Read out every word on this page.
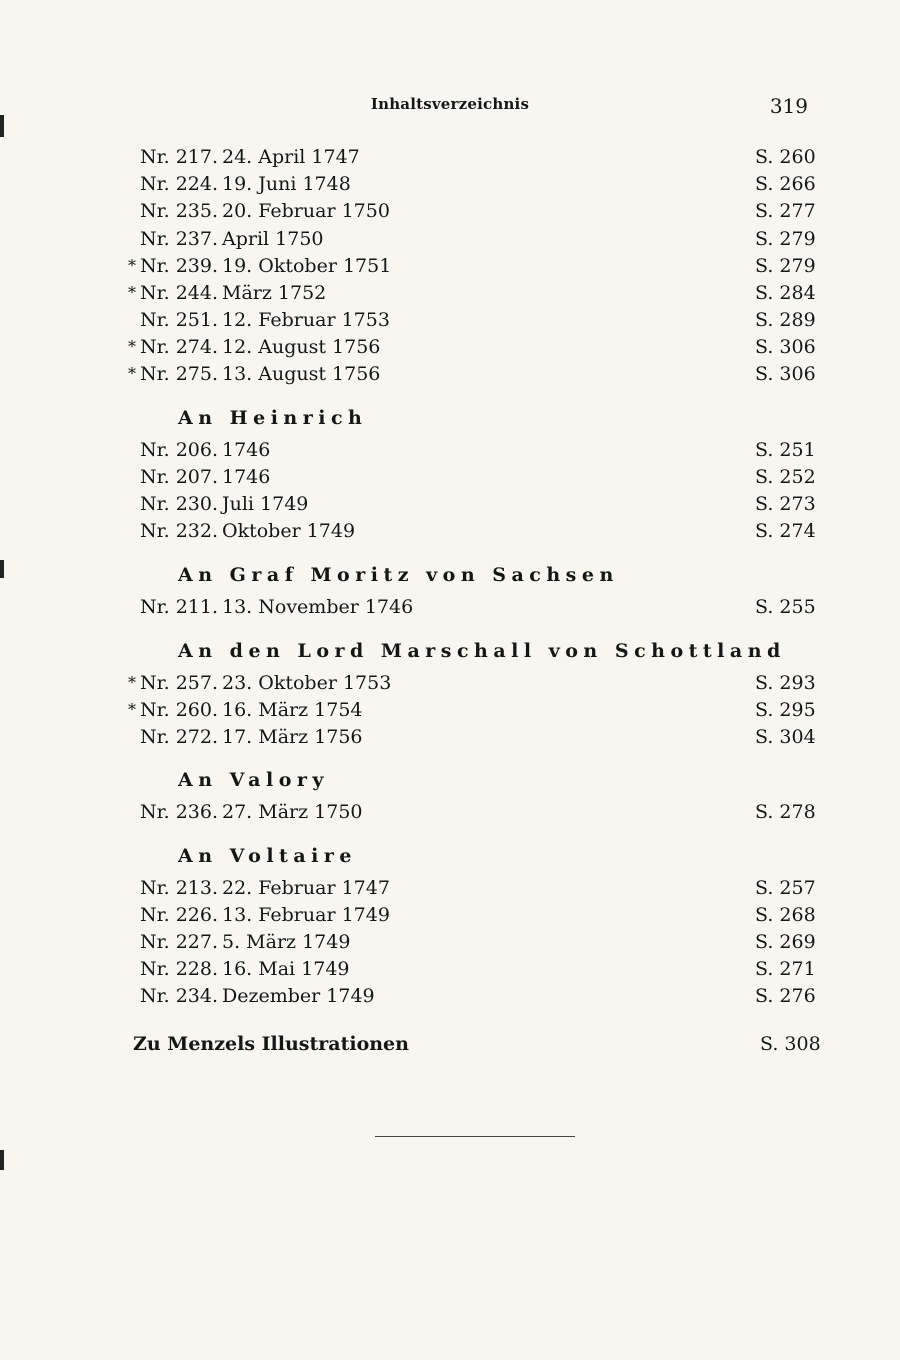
Inhaltsverzeichnis	319
Nr. 217. 24. April 1747	S. 260
Nr. 224. 19. Juni 1748	S. 266
Nr. 235. 20. Februar 1750	S. 277
Nr. 237. April 1750	S. 279
* Nr. 239. 19. Oktober 1751	S. 279
* Nr. 244. März 1752	S. 284
Nr. 251. 12. Februar 1753	S. 289
* Nr. 274. 12. August 1756	S. 306
* Nr. 275. 13. August 1756	S. 306
An Heinrich
Nr. 206. 1746	S. 251
Nr. 207. 1746	S. 252
Nr. 230. Juli 1749	S. 273
Nr. 232. Oktober 1749	S. 274
An Graf Moritz von Sachsen
Nr. 211. 13. November 1746	S. 255
An den Lord Marschall von Schottland
* Nr. 257. 23. Oktober 1753	S. 293
* Nr. 260. 16. März 1754	S. 295
Nr. 272. 17. März 1756	S. 304
An Valory
Nr. 236. 27. März 1750	S. 278
An Voltaire
Nr. 213. 22. Februar 1747	S. 257
Nr. 226. 13. Februar 1749	S. 268
Nr. 227. 5. März 1749	S. 269
Nr. 228. 16. Mai 1749	S. 271
Nr. 234. Dezember 1749	S. 276
Zu Menzels Illustrationen	S. 308
